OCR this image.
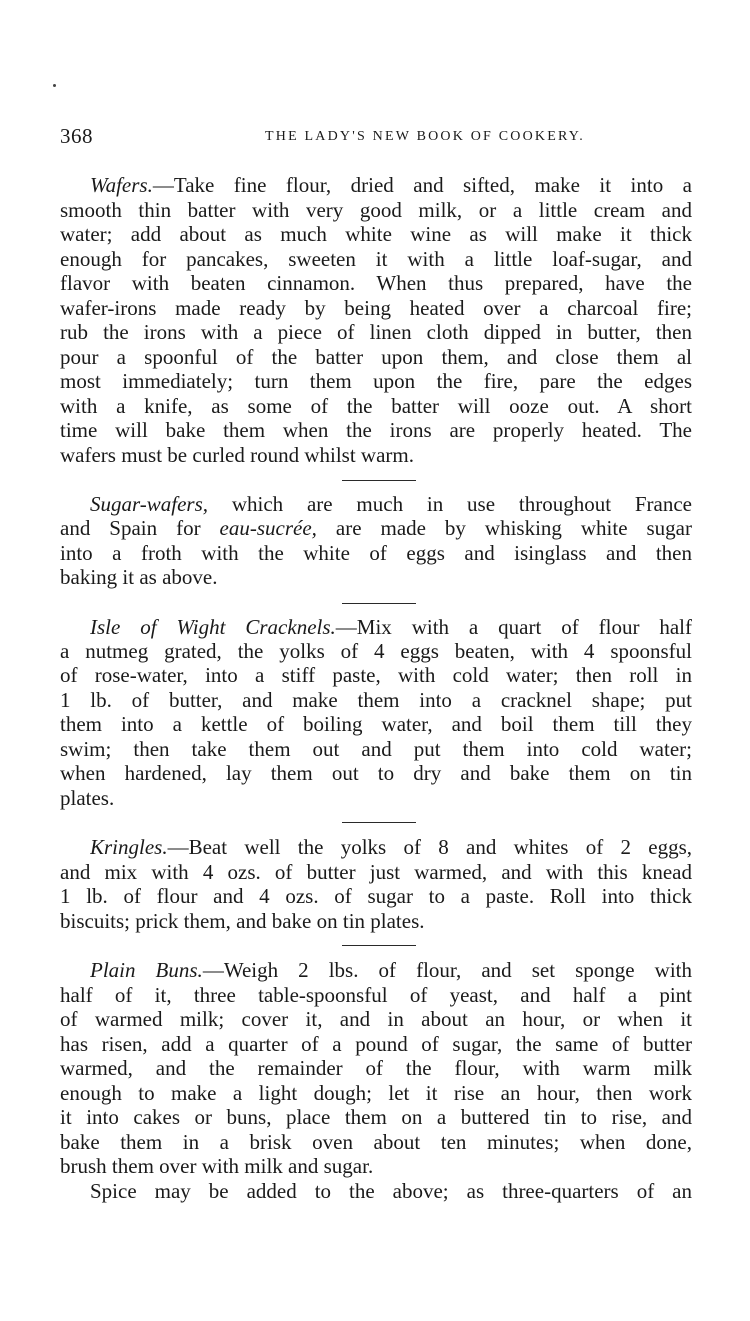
368	THE LADY'S NEW BOOK OF COOKERY.
Wafers.—Take fine flour, dried and sifted, make it into a
smooth thin batter with very good milk, or a little cream and
water; add about as much white wine as will make it thick
enough for pancakes, sweeten it with a little loaf-sugar, and
flavor with beaten cinnamon. When thus prepared, have the
wafer-irons made ready by being heated over a charcoal fire;
rub the irons with a piece of linen cloth dipped in butter, then
pour a spoonful of the batter upon them, and close them al
most immediately; turn them upon the fire, pare the edges
with a knife, as some of the batter will ooze out. A short
time will bake them when the irons are properly heated. The
wafers must be curled round whilst warm.
Sugar-wafers, which are much in use throughout France
and Spain for eau-sucrée, are made by whisking white sugar
into a froth with the white of eggs and isinglass and then
baking it as above.
Isle of Wight Cracknels.—Mix with a quart of flour half
a nutmeg grated, the yolks of 4 eggs beaten, with 4 spoonsful
of rose-water, into a stiff paste, with cold water; then roll in
1 lb. of butter, and make them into a cracknel shape; put
them into a kettle of boiling water, and boil them till they
swim; then take them out and put them into cold water;
when hardened, lay them out to dry and bake them on tin
plates.
Kringles.—Beat well the yolks of 8 and whites of 2 eggs,
and mix with 4 ozs. of butter just warmed, and with this knead
1 lb. of flour and 4 ozs. of sugar to a paste. Roll into thick
biscuits; prick them, and bake on tin plates.
Plain Buns.—Weigh 2 lbs. of flour, and set sponge with
half of it, three table-spoonsful of yeast, and half a pint
of warmed milk; cover it, and in about an hour, or when it
has risen, add a quarter of a pound of sugar, the same of butter
warmed, and the remainder of the flour, with warm milk
enough to make a light dough; let it rise an hour, then work
it into cakes or buns, place them on a buttered tin to rise, and
bake them in a brisk oven about ten minutes; when done,
brush them over with milk and sugar.
Spice may be added to the above; as three-quarters of an
